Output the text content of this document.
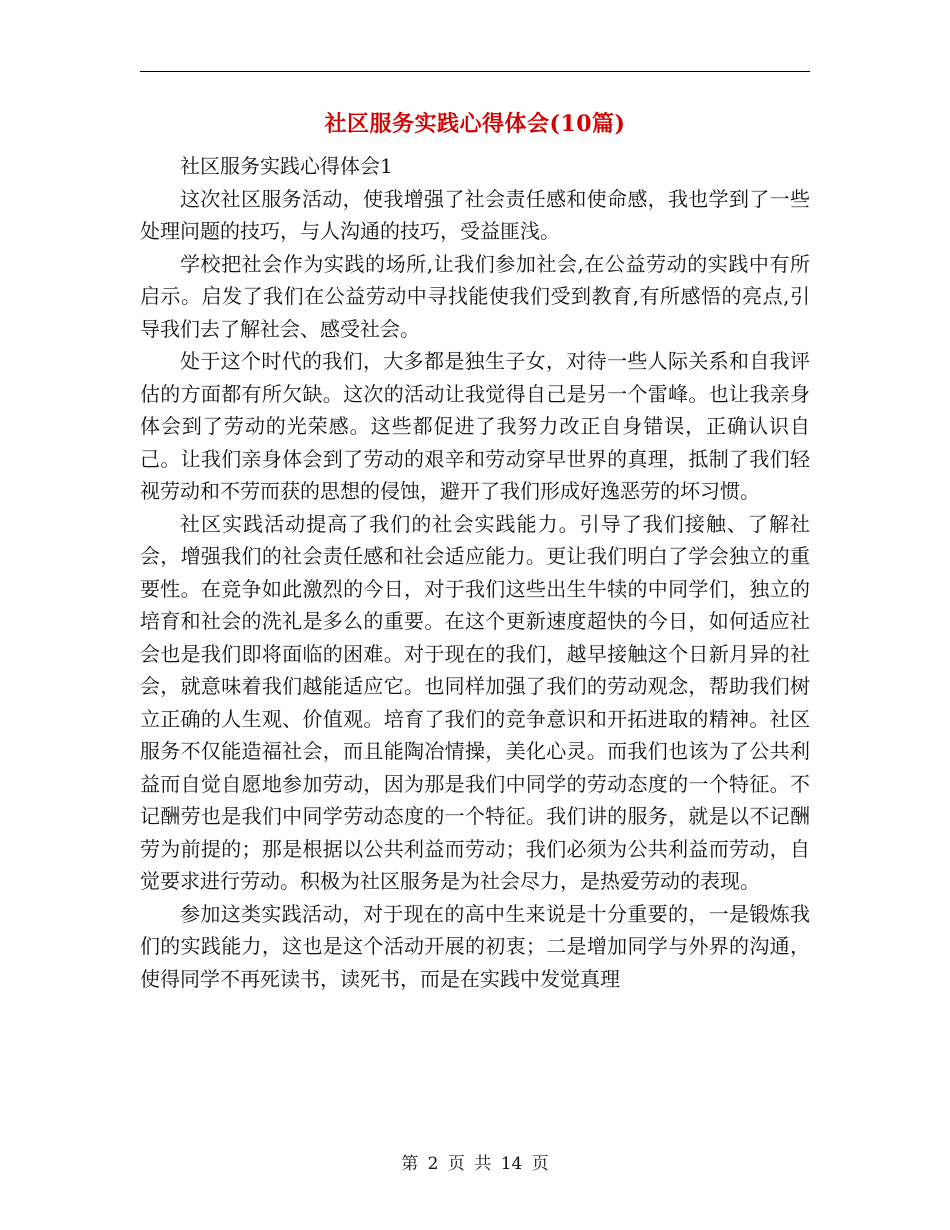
社区服务实践心得体会(10篇)

社区服务实践心得体会1

这次社区服务活动，使我增强了社会责任感和使命感，我也学到了一些处理问题的技巧，与人沟通的技巧，受益匪浅。

学校把社会作为实践的场所,让我们参加社会,在公益劳动的实践中有所启示。启发了我们在公益劳动中寻找能使我们受到教育,有所感悟的亮点,引导我们去了解社会、感受社会。

处于这个时代的我们，大多都是独生子女，对待一些人际关系和自我评估的方面都有所欠缺。这次的活动让我觉得自己是另一个雷峰。也让我亲身体会到了劳动的光荣感。这些都促进了我努力改正自身错误，正确认识自己。让我们亲身体会到了劳动的艰辛和劳动穿早世界的真理，抵制了我们轻视劳动和不劳而获的思想的侵蚀，避开了我们形成好逸恶劳的坏习惯。

社区实践活动提高了我们的社会实践能力。引导了我们接触、了解社会，增强我们的社会责任感和社会适应能力。更让我们明白了学会独立的重要性。在竞争如此激烈的今日，对于我们这些出生牛犊的中同学们，独立的培育和社会的洗礼是多么的重要。在这个更新速度超快的今日，如何适应社会也是我们即将面临的困难。对于现在的我们，越早接触这个日新月异的社会，就意味着我们越能适应它。也同样加强了我们的劳动观念，帮助我们树立正确的人生观、价值观。培育了我们的竞争意识和开拓进取的精神。社区服务不仅能造福社会，而且能陶冶情操，美化心灵。而我们也该为了公共利益而自觉自愿地参加劳动，因为那是我们中同学的劳动态度的一个特征。不记酬劳也是我们中同学劳动态度的一个特征。我们讲的服务，就是以不记酬劳为前提的；那是根据以公共利益而劳动；我们必须为公共利益而劳动，自觉要求进行劳动。积极为社区服务是为社会尽力，是热爱劳动的表现。

参加这类实践活动，对于现在的高中生来说是十分重要的，一是锻炼我们的实践能力，这也是这个活动开展的初衷；二是增加同学与外界的沟通，使得同学不再死读书，读死书，而是在实践中发觉真理

第 2 页 共 14 页
